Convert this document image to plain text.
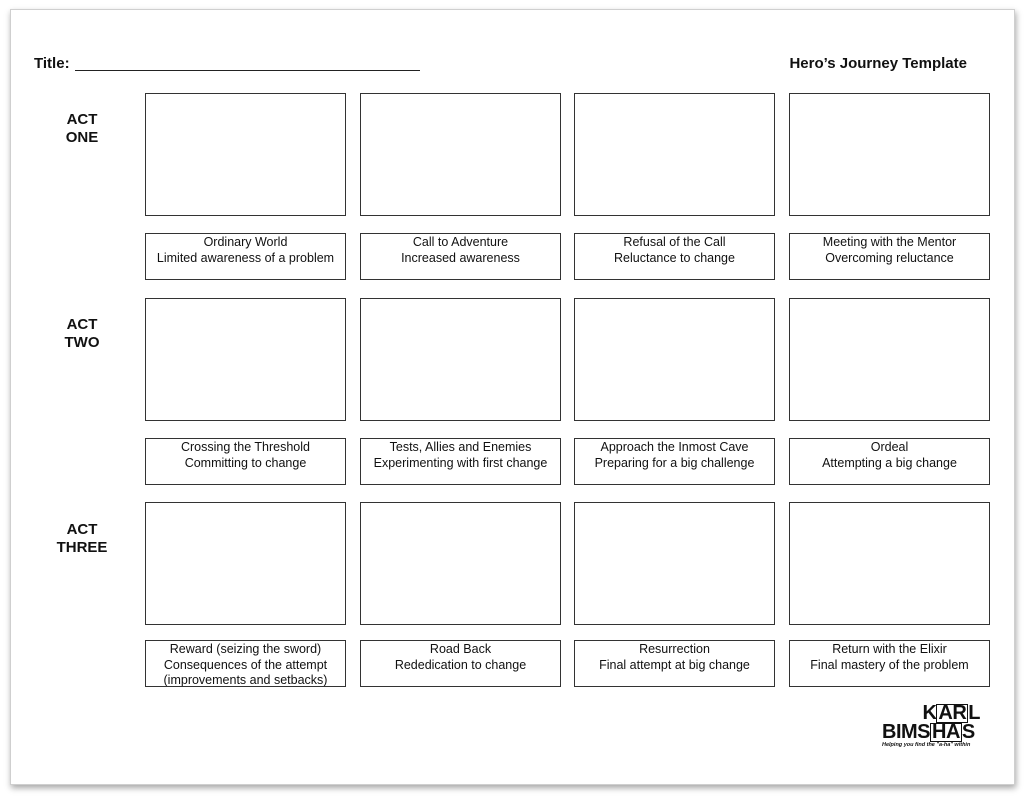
Title:	Hero’s Journey Template
ACT
ONE
Ordinary World
Limited awareness of a problem
Call to Adventure
Increased awareness
Refusal of the Call
Reluctance to change
Meeting with the Mentor
Overcoming reluctance
ACT
TWO
Crossing the Threshold
Committing to change
Tests, Allies and Enemies
Experimenting with first change
Approach the Inmost Cave
Preparing for a big challenge
Ordeal
Attempting a big change
ACT
THREE
Reward (seizing the sword)
Consequences of the attempt
(improvements and setbacks)
Road Back
Rededication to change
Resurrection
Final attempt at big change
Return with the Elixir
Final mastery of the problem
K AR L
BIMS HA S
Helping you find the "a-ha" within
